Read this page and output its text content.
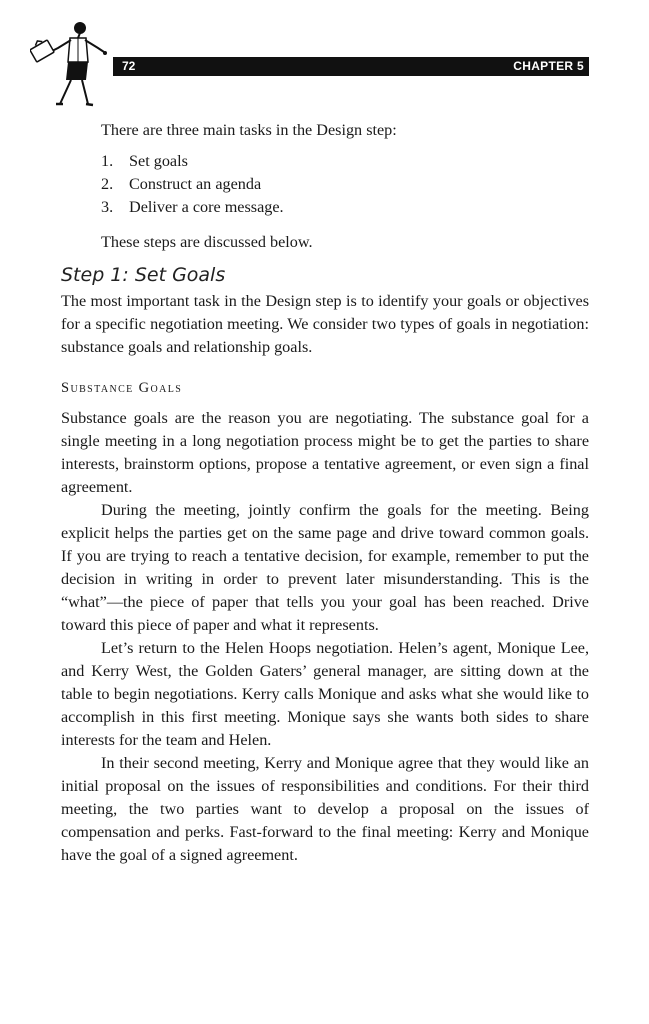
72	CHAPTER 5

There are three main tasks in the Design step:

1. Set goals
2. Construct an agenda
3. Deliver a core message.

These steps are discussed below.

Step 1: Set Goals

The most important task in the Design step is to identify your goals or objectives for a specific negotiation meeting. We consider two types of goals in negotiation: substance goals and relationship goals.

Substance Goals

Substance goals are the reason you are negotiating. The substance goal for a single meeting in a long negotiation process might be to get the parties to share interests, brainstorm options, propose a tentative agreement, or even sign a final agreement.

During the meeting, jointly confirm the goals for the meeting. Being explicit helps the parties get on the same page and drive toward common goals. If you are trying to reach a tentative decision, for example, remember to put the decision in writing in order to prevent later misunderstanding. This is the “what”—the piece of paper that tells you your goal has been reached. Drive toward this piece of paper and what it represents.

Let’s return to the Helen Hoops negotiation. Helen’s agent, Monique Lee, and Kerry West, the Golden Gaters’ general manager, are sitting down at the table to begin negotiations. Kerry calls Monique and asks what she would like to accomplish in this first meeting. Monique says she wants both sides to share interests for the team and Helen.

In their second meeting, Kerry and Monique agree that they would like an initial proposal on the issues of responsibilities and conditions. For their third meeting, the two parties want to develop a proposal on the issues of compensation and perks. Fast-forward to the final meeting: Kerry and Monique have the goal of a signed agreement.
